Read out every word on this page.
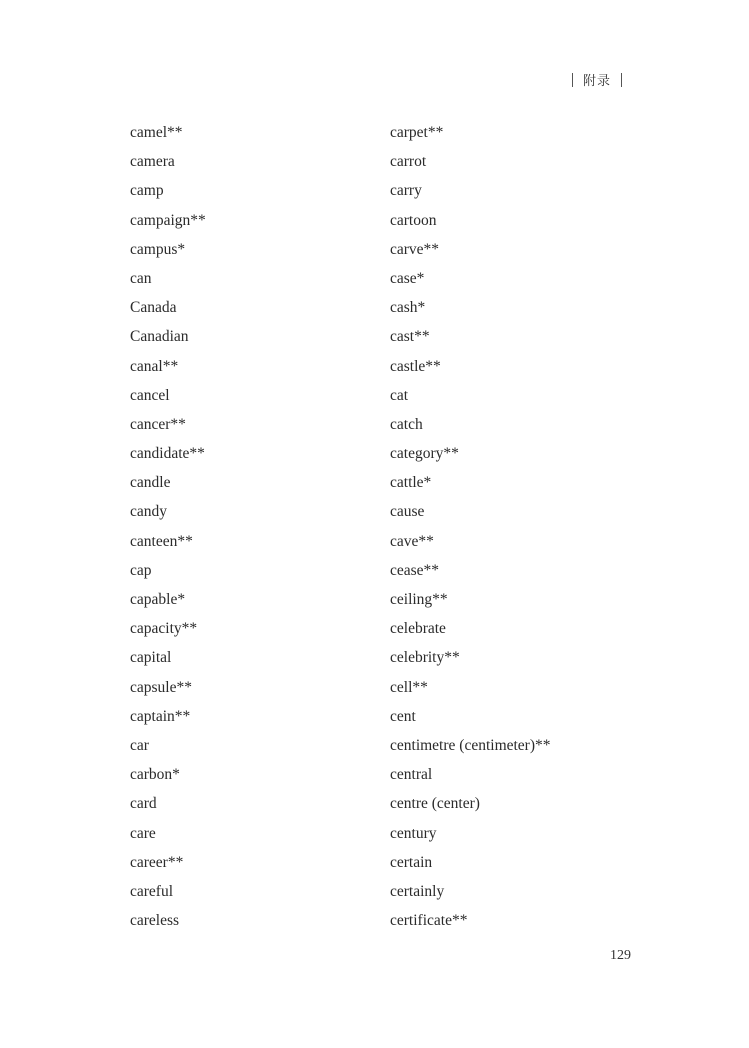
附录
camel**
camera
camp
campaign**
campus*
can
Canada
Canadian
canal**
cancel
cancer**
candidate**
candle
candy
canteen**
cap
capable*
capacity**
capital
capsule**
captain**
car
carbon*
card
care
career**
careful
careless
carpet**
carrot
carry
cartoon
carve**
case*
cash*
cast**
castle**
cat
catch
category**
cattle*
cause
cave**
cease**
ceiling**
celebrate
celebrity**
cell**
cent
centimetre (centimeter)**
central
centre (center)
century
certain
certainly
certificate**
129
